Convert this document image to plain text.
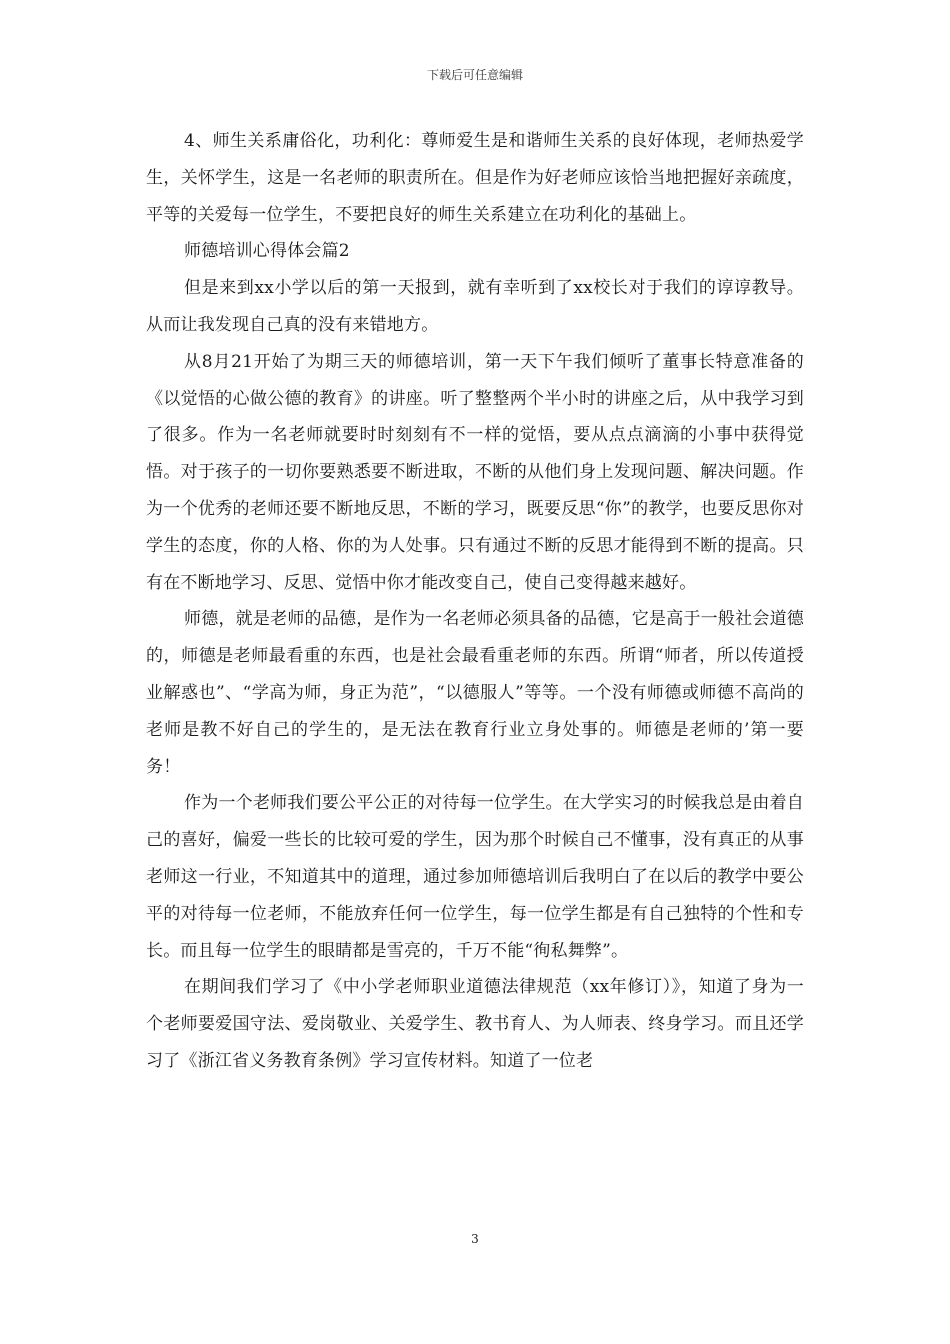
下载后可任意编辑

4、师生关系庸俗化，功利化：尊师爱生是和谐师生关系的良好体现，老师热爱学生，关怀学生，这是一名老师的职责所在。但是作为好老师应该恰当地把握好亲疏度，平等的关爱每一位学生，不要把良好的师生关系建立在功利化的基础上。

师德培训心得体会篇2

但是来到xx小学以后的第一天报到，就有幸听到了xx校长对于我们的谆谆教导。从而让我发现自己真的没有来错地方。

从8月21开始了为期三天的师德培训，第一天下午我们倾听了董事长特意准备的《以觉悟的心做公德的教育》的讲座。听了整整两个半小时的讲座之后，从中我学习到了很多。作为一名老师就要时时刻刻有不一样的觉悟，要从点点滴滴的小事中获得觉悟。对于孩子的一切你要熟悉要不断进取，不断的从他们身上发现问题、解决问题。作为一个优秀的老师还要不断地反思，不断的学习，既要反思“你”的教学，也要反思你对学生的态度，你的人格、你的为人处事。只有通过不断的反思才能得到不断的提高。只有在不断地学习、反思、觉悟中你才能改变自己，使自己变得越来越好。

师德，就是老师的品德，是作为一名老师必须具备的品德，它是高于一般社会道德的，师德是老师最看重的东西，也是社会最看重老师的东西。所谓“师者，所以传道授业解惑也”、“学高为师，身正为范”，“以德服人”等等。一个没有师德或师德不高尚的老师是教不好自己的学生的，是无法在教育行业立身处事的。师德是老师的’第一要务！

作为一个老师我们要公平公正的对待每一位学生。在大学实习的时候我总是由着自己的喜好，偏爱一些长的比较可爱的学生，因为那个时候自己不懂事，没有真正的从事老师这一行业，不知道其中的道理，通过参加师德培训后我明白了在以后的教学中要公平的对待每一位老师，不能放弃任何一位学生，每一位学生都是有自己独特的个性和专长。而且每一位学生的眼睛都是雪亮的，千万不能“徇私舞弊”。

在期间我们学习了《中小学老师职业道德法律规范（xx年修订）》，知道了身为一个老师要爱国守法、爱岗敬业、关爱学生、教书育人、为人师表、终身学习。而且还学习了《浙江省义务教育条例》学习宣传材料。知道了一位老

3
